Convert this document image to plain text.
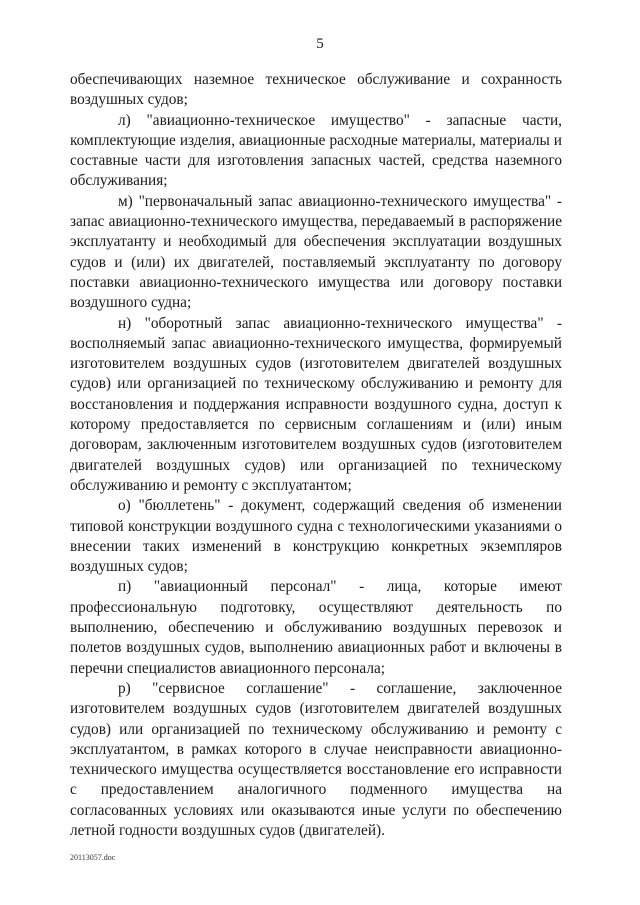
5

обеспечивающих наземное техническое обслуживание и сохранность воздушных судов;

л) "авиационно-техническое имущество" - запасные части, комплектующие изделия, авиационные расходные материалы, материалы и составные части для изготовления запасных частей, средства наземного обслуживания;

м) "первоначальный запас авиационно-технического имущества" - запас авиационно-технического имущества, передаваемый в распоряжение эксплуатанту и необходимый для обеспечения эксплуатации воздушных судов и (или) их двигателей, поставляемый эксплуатанту по договору поставки авиационно-технического имущества или договору поставки воздушного судна;

н) "оборотный запас авиационно-технического имущества" - восполняемый запас авиационно-технического имущества, формируемый изготовителем воздушных судов (изготовителем двигателей воздушных судов) или организацией по техническому обслуживанию и ремонту для восстановления и поддержания исправности воздушного судна, доступ к которому предоставляется по сервисным соглашениям и (или) иным договорам, заключенным изготовителем воздушных судов (изготовителем двигателей воздушных судов) или организацией по техническому обслуживанию и ремонту с эксплуатантом;

о) "бюллетень" - документ, содержащий сведения об изменении типовой конструкции воздушного судна с технологическими указаниями о внесении таких изменений в конструкцию конкретных экземпляров воздушных судов;

п) "авиационный персонал" - лица, которые имеют профессиональную подготовку, осуществляют деятельность по выполнению, обеспечению и обслуживанию воздушных перевозок и полетов воздушных судов, выполнению авиационных работ и включены в перечни специалистов авиационного персонала;

р) "сервисное соглашение" - соглашение, заключенное изготовителем воздушных судов (изготовителем двигателей воздушных судов) или организацией по техническому обслуживанию и ремонту с эксплуатантом, в рамках которого в случае неисправности авиационно-технического имущества осуществляется восстановление его исправности с предоставлением аналогичного подменного имущества на согласованных условиях или оказываются иные услуги по обеспечению летной годности воздушных судов (двигателей).

20113057.doc
